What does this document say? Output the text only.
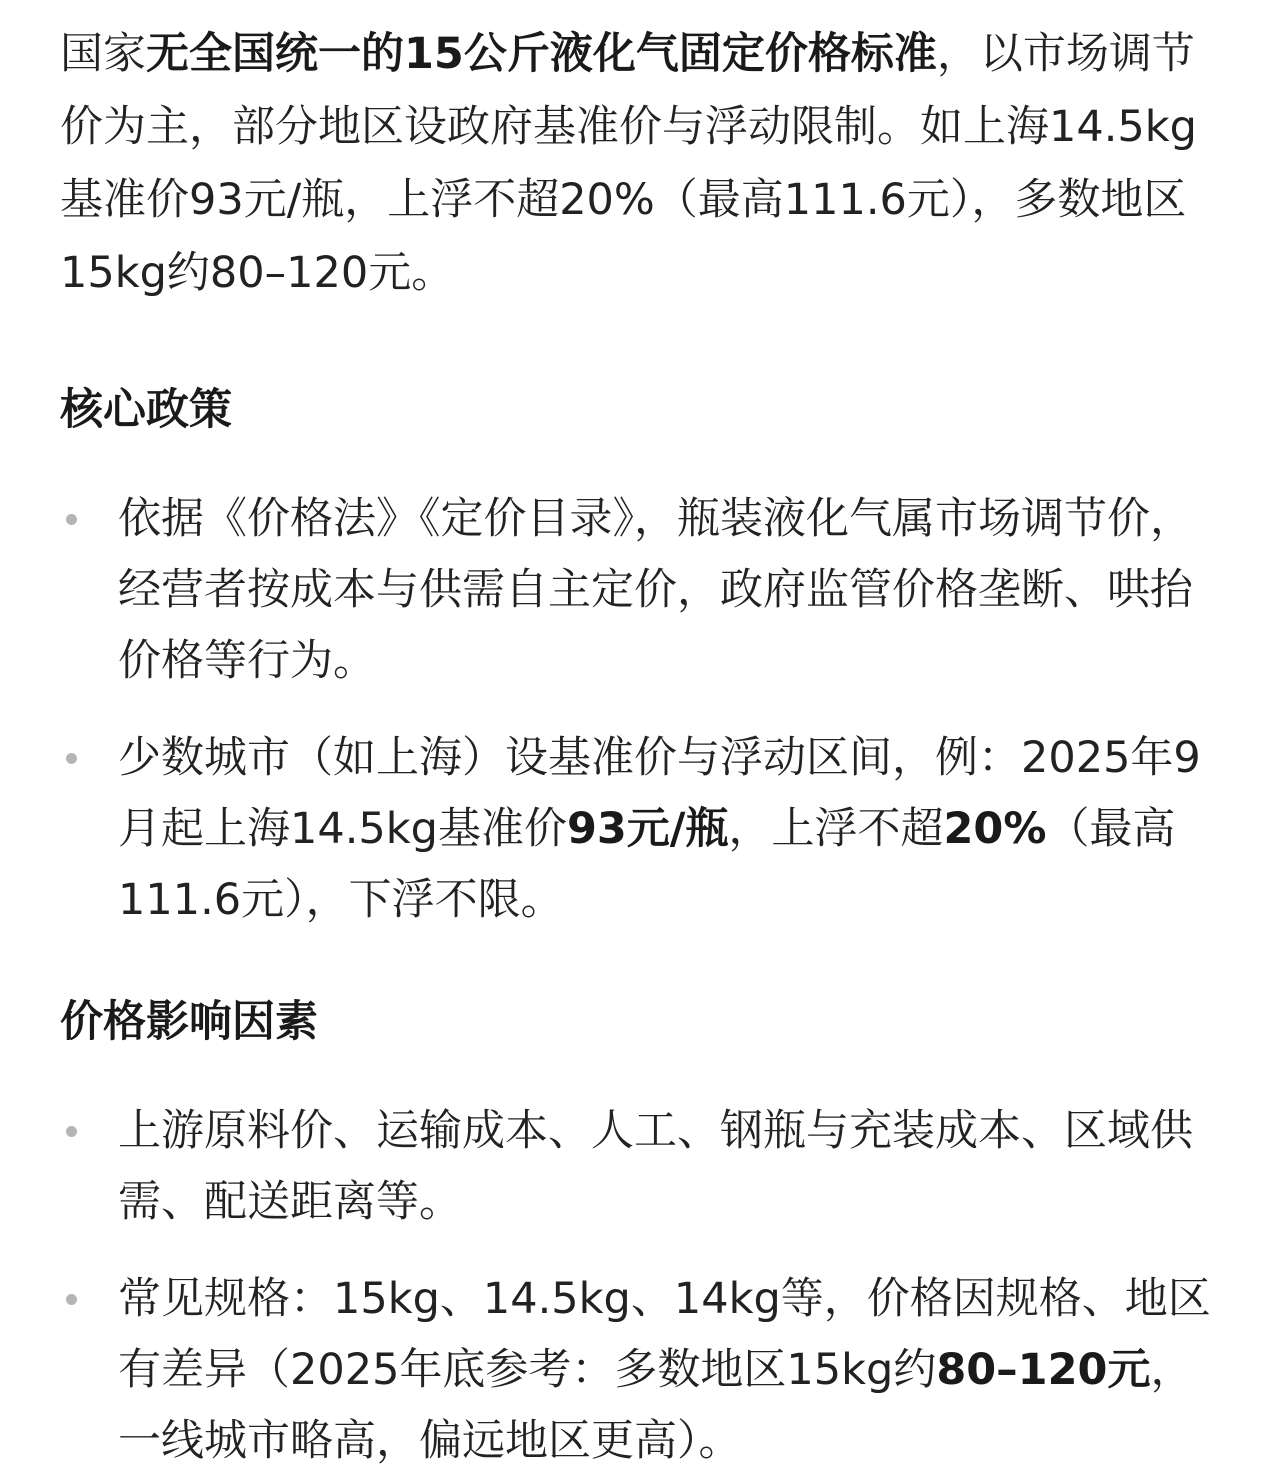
国家无全国统一的15公斤液化气固定价格标准，以市场调节价为主，部分地区设政府基准价与浮动限制。如上海14.5kg基准价93元/瓶，上浮不超20%（最高111.6元），多数地区15kg约80–120元。

核心政策
依据《价格法》《定价目录》，瓶装液化气属市场调节价，经营者按成本与供需自主定价，政府监管价格垄断、哄抬价格等行为。
少数城市（如上海）设基准价与浮动区间，例：2025年9月起上海14.5kg基准价93元/瓶，上浮不超20%（最高111.6元），下浮不限。
价格影响因素
上游原料价、运输成本、人工、钢瓶与充装成本、区域供需、配送距离等。
常见规格：15kg、14.5kg、14kg等，价格因规格、地区有差异（2025年底参考：多数地区15kg约80–120元，一线城市略高，偏远地区更高）。
